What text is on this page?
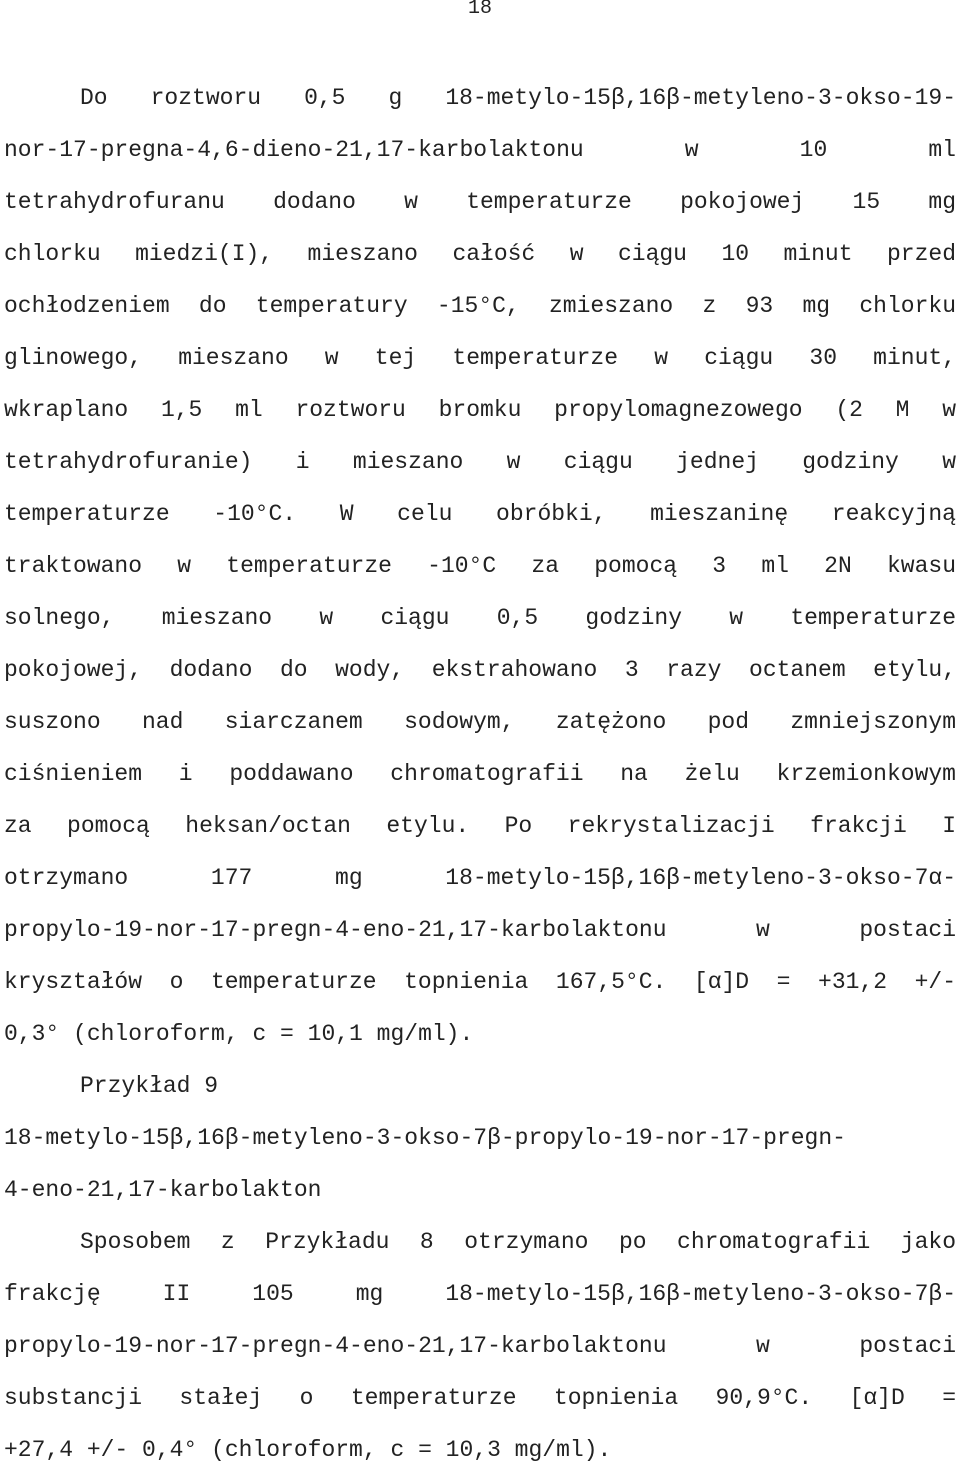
18
Do roztworu 0,5 g 18-metylo-15β,16β-metyleno-3-okso-19-
nor-17-pregna-4,6-dieno-21,17-karbolaktonu w 10 ml
tetrahydrofuranu dodano w temperaturze pokojowej 15 mg
chlorku miedzi(I), mieszano całość w ciągu 10 minut przed
ochłodzeniem do temperatury -15°C, zmieszano z 93 mg chlorku
glinowego, mieszano w tej temperaturze w ciągu 30 minut,
wkraplano 1,5 ml roztworu bromku propylomagnezowego (2 M w
tetrahydrofuranie) i mieszano w ciągu jednej godziny w
temperaturze -10°C. W celu obróbki, mieszaninę reakcyjną
traktowano w temperaturze -10°C za pomocą 3 ml 2N kwasu
solnego, mieszano w ciągu 0,5 godziny w temperaturze
pokojowej, dodano do wody, ekstrahowano 3 razy octanem etylu,
suszono nad siarczanem sodowym, zatężono pod zmniejszonym
ciśnieniem i poddawano chromatografii na żelu krzemionkowym
za pomocą heksan/octan etylu. Po rekrystalizacji frakcji I
otrzymano 177 mg 18-metylo-15β,16β-metyleno-3-okso-7α-
propylo-19-nor-17-pregn-4-eno-21,17-karbolaktonu w postaci
kryształów o temperaturze topnienia 167,5°C. [α]D = +31,2 +/-
0,3° (chloroform, c = 10,1 mg/ml).
Przykład 9
18-metylo-15β,16β-metyleno-3-okso-7β-propylo-19-nor-17-pregn-
4-eno-21,17-karbolakton
Sposobem z Przykładu 8 otrzymano po chromatografii jako
frakcję II 105 mg 18-metylo-15β,16β-metyleno-3-okso-7β-
propylo-19-nor-17-pregn-4-eno-21,17-karbolaktonu w postaci
substancji stałej o temperaturze topnienia 90,9°C. [α]D =
+27,4 +/- 0,4° (chloroform, c = 10,3 mg/ml).
